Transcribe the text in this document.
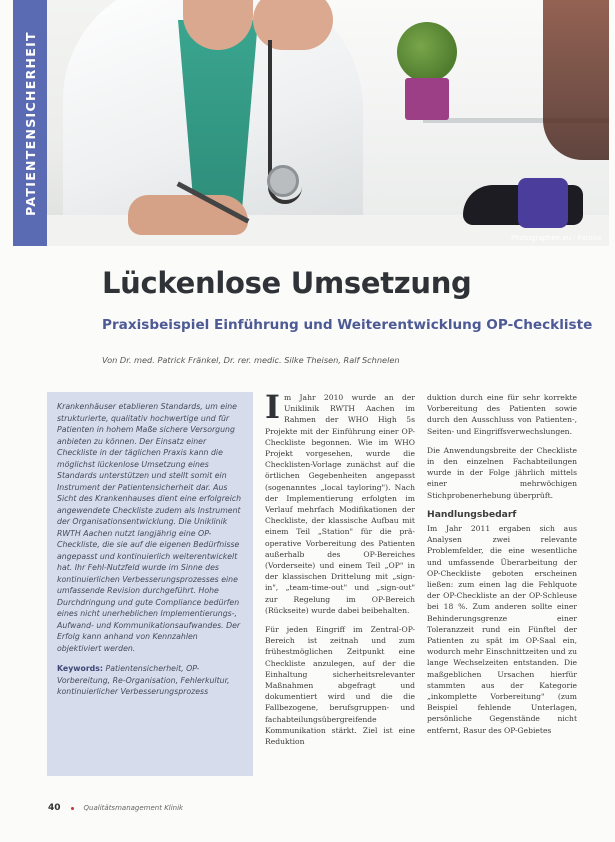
Photographee.eu · Fotolia
PATIENTENSICHERHEIT
Lückenlose Umsetzung
Praxisbeispiel Einführung und Weiterentwicklung OP-Checkliste

Von Dr. med. Patrick Fränkel, Dr. rer. medic. Silke Theisen, Ralf Schnelen

Krankenhäuser etablieren Standards, um eine strukturierte, qualitativ hochwertige und für Patienten in hohem Maße sichere Versorgung anbieten zu können. Der Einsatz einer Checkliste in der täglichen Praxis kann die möglichst lückenlose Umsetzung eines Standards unterstützen und stellt somit ein Instrument der Patientensicherheit dar. Aus Sicht des Krankenhauses dient eine erfolgreich angewendete Checkliste zudem als Instrument der Organisationsentwicklung. Die Uniklinik RWTH Aachen nutzt langjährig eine OP-Checkliste, die sie auf die eigenen Bedürfnisse angepasst und kontinuierlich weiterentwickelt hat. Ihr Fehl-Nutzfeld wurde im Sinne des kontinuierlichen Verbesserungsprozesses eine umfassende Revision durchgeführt. Hohe Durchdringung und gute Compliance bedürfen eines nicht unerheblichen Implementierungs-, Aufwand- und Kommunikationsaufwandes. Der Erfolg kann anhand von Kennzahlen objektiviert werden.

Keywords: Patientensicherheit, OP-Vorbereitung, Re-Organisation, Fehlerkultur, kontinuierlicher Verbesserungsprozess

Im Jahr 2010 wurde an der Uniklinik RWTH Aachen im Rahmen der WHO High 5s Projekte mit der Einführung einer OP-Checkliste begonnen. Wie im WHO Projekt vorgesehen, wurde die Checklisten-Vorlage zunächst auf die örtlichen Gegebenheiten angepasst (sogenanntes „local tayloring"). Nach der Implementierung erfolgten im Verlauf mehrfach Modifikationen der Checkliste, der klassische Aufbau mit einem Teil „Station" für die prä-operative Vorbereitung des Patienten außerhalb des OP-Bereiches (Vorderseite) und einem Teil „OP" in der klassischen Drittelung mit „sign-in", „team-time-out" und „sign-out" zur Regelung im OP-Bereich (Rückseite) wurde dabei beibehalten.

Für jeden Eingriff im Zentral-OP-Bereich ist zeitnah und zum frühestmöglichen Zeitpunkt eine Checkliste anzulegen, auf der die Einhaltung sicherheitsrelevanter Maßnahmen abgefragt und dokumentiert wird und die die Fallbezogene, berufsgruppen- und fachabteilungsübergreifende Kommunikation stärkt. Ziel ist eine Reduktion

duktion durch eine für sehr korrekte Vorbereitung des Patienten sowie durch den Ausschluss von Patienten-, Seiten- und Eingriffsverwechslungen.

Die Anwendungsbreite der Checkliste in den einzelnen Fachabteilungen wurde in der Folge jährlich mittels einer mehrwöchigen Stichprobenerhebung überprüft.

Handlungsbedarf

Im Jahr 2011 ergaben sich aus Analysen zwei relevante Problemfelder, die eine wesentliche und umfassende Überarbeitung der OP-Checkliste geboten erscheinen ließen: zum einen lag die Fehlquote der OP-Checkliste an der OP-Schleuse bei 18 %. Zum anderen sollte einer Behinderungsgrenze einer Toleranzzeit rund ein Fünftel der Patienten zu spät im OP-Saal ein, wodurch mehr Einschnittzeiten und zu lange Wechselzeiten entstanden. Die maßgeblichen Ursachen hierfür stammten aus der Kategorie „inkomplette Vorbereitung" (zum Beispiel fehlende Unterlagen, persönliche Gegenstände nicht entfernt, Rasur des OP-Gebietes

40	Qualitätsmanagement Klinik
